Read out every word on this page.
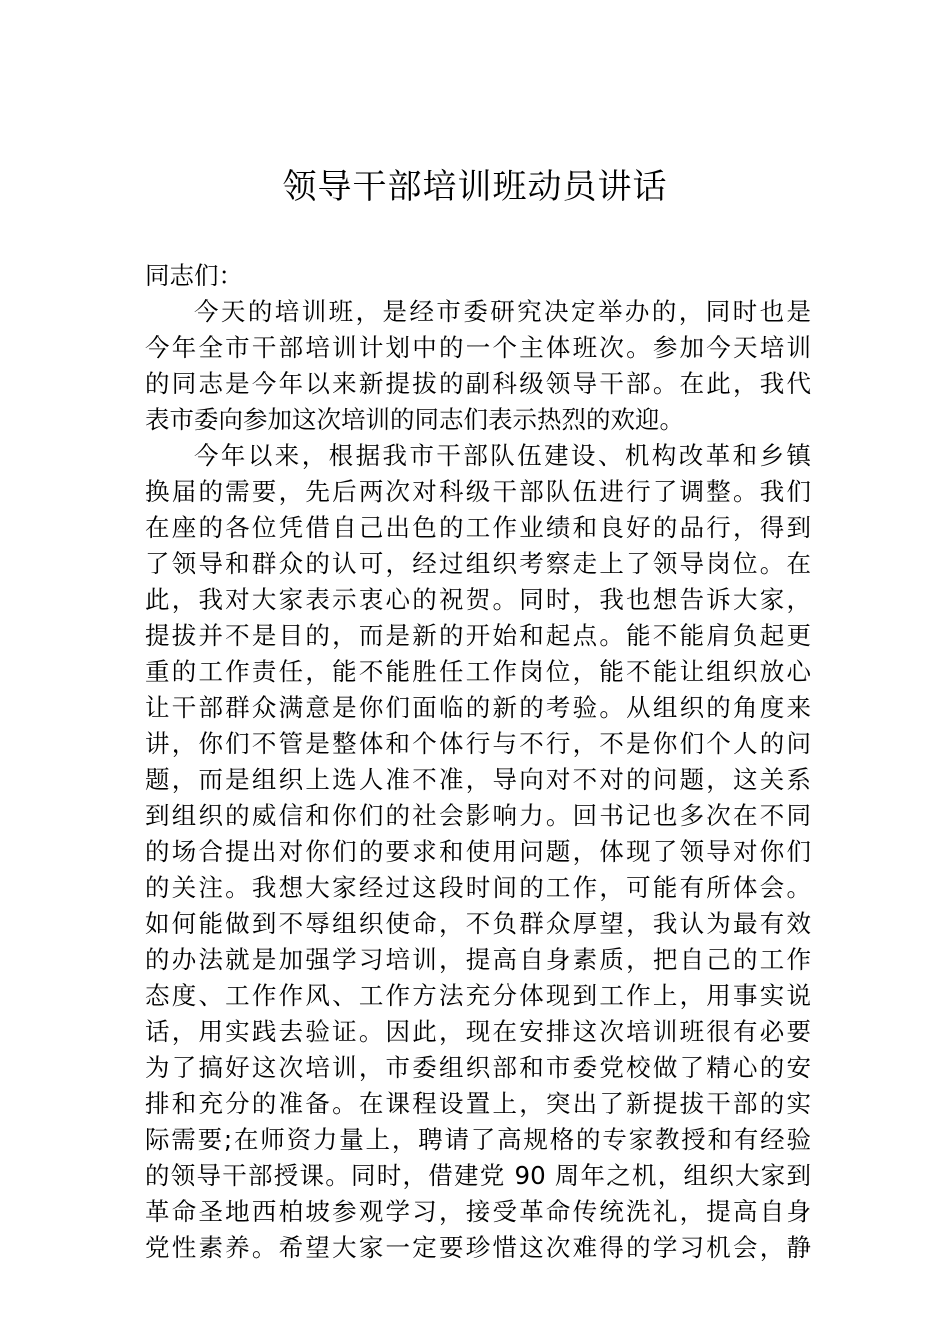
领导干部培训班动员讲话
同志们：
今天的培训班，是经市委研究决定举办的，同时也是
今年全市干部培训计划中的一个主体班次。参加今天培训
的同志是今年以来新提拔的副科级领导干部。在此，我代
表市委向参加这次培训的同志们表示热烈的欢迎。
今年以来，根据我市干部队伍建设、机构改革和乡镇
换届的需要，先后两次对科级干部队伍进行了调整。我们
在座的各位凭借自己出色的工作业绩和良好的品行，得到
了领导和群众的认可，经过组织考察走上了领导岗位。在
此，我对大家表示衷心的祝贺。同时，我也想告诉大家，
提拔并不是目的，而是新的开始和起点。能不能肩负起更
重的工作责任，能不能胜任工作岗位，能不能让组织放心
让干部群众满意是你们面临的新的考验。从组织的角度来
讲，你们不管是整体和个体行与不行，不是你们个人的问
题，而是组织上选人准不准，导向对不对的问题，这关系
到组织的威信和你们的社会影响力。回书记也多次在不同
的场合提出对你们的要求和使用问题，体现了领导对你们
的关注。我想大家经过这段时间的工作，可能有所体会。
如何能做到不辱组织使命，不负群众厚望，我认为最有效
的办法就是加强学习培训，提高自身素质，把自己的工作
态度、工作作风、工作方法充分体现到工作上，用事实说
话，用实践去验证。因此，现在安排这次培训班很有必要
为了搞好这次培训，市委组织部和市委党校做了精心的安
排和充分的准备。在课程设置上，突出了新提拔干部的实
际需要;在师资力量上，聘请了高规格的专家教授和有经验
的领导干部授课。同时，借建党 90 周年之机，组织大家到
革命圣地西柏坡参观学习，接受革命传统洗礼，提高自身
党性素养。希望大家一定要珍惜这次难得的学习机会，静
